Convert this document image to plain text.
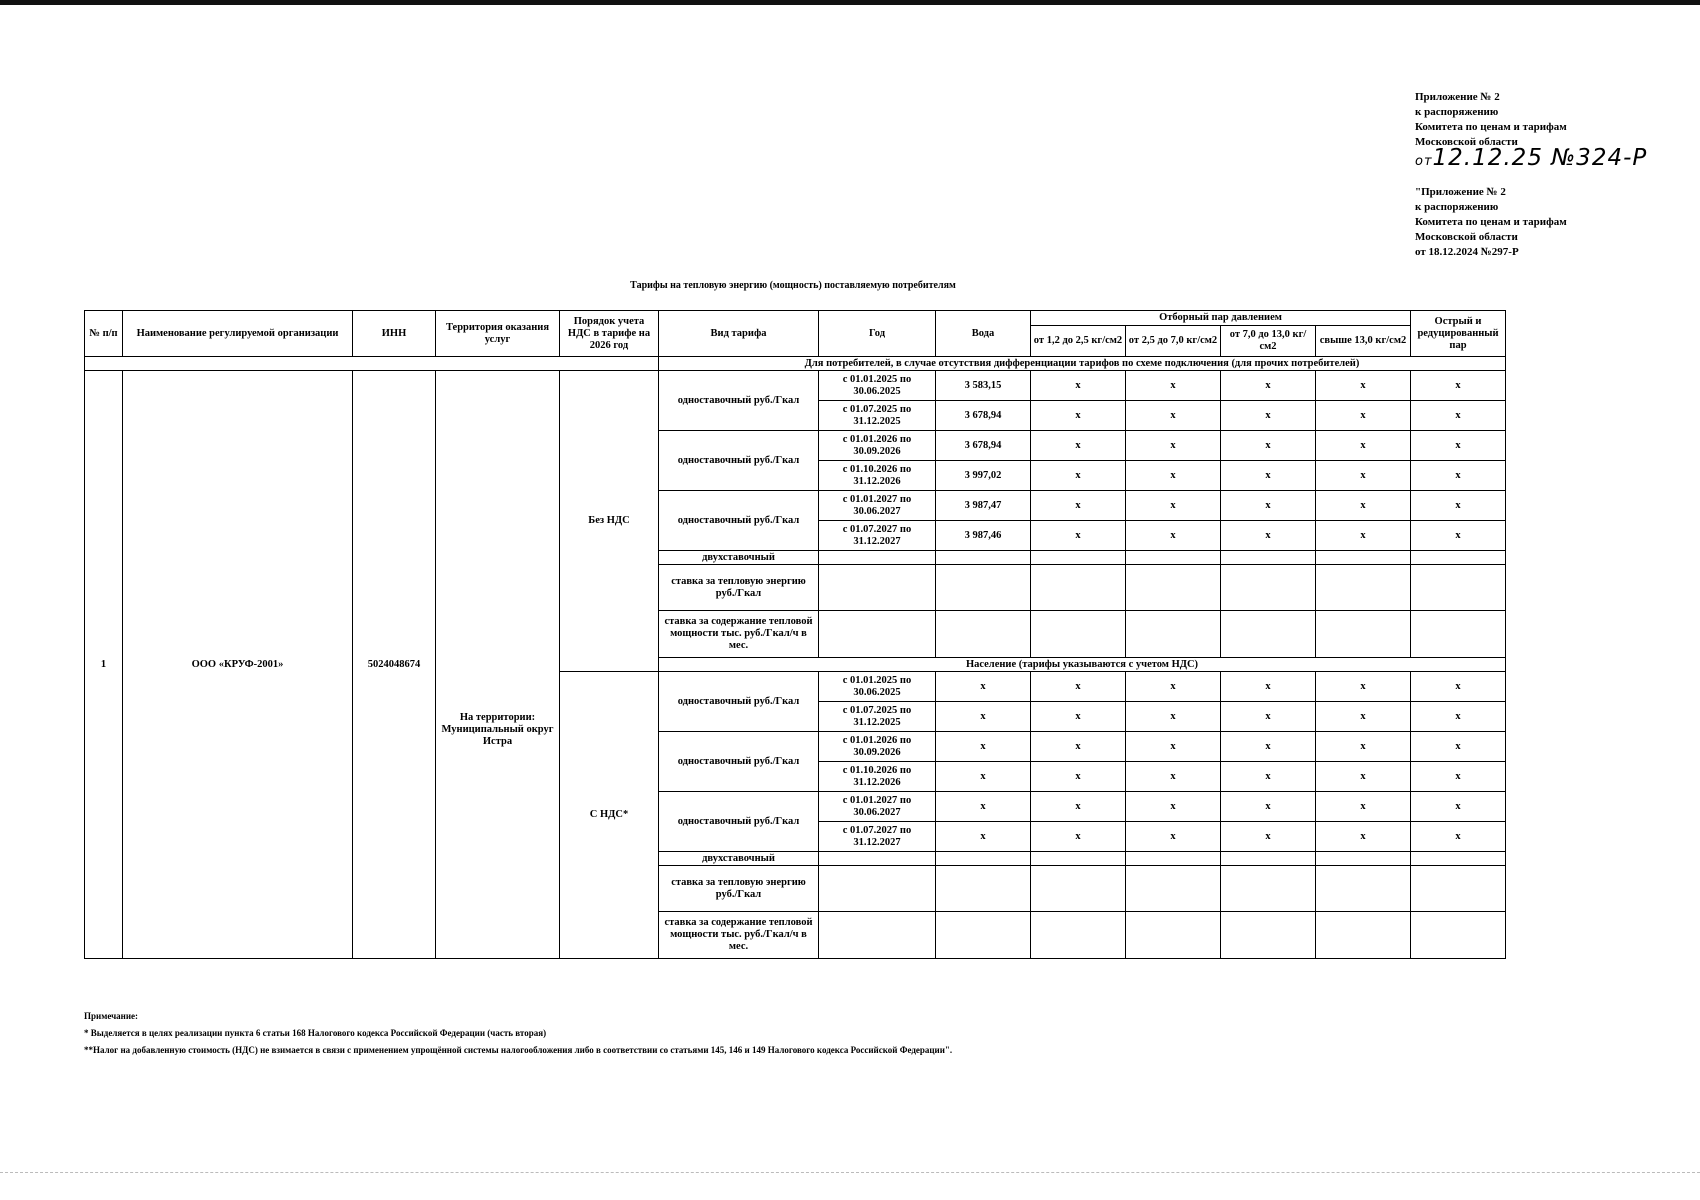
Приложение № 2
к распоряжению
Комитета по ценам и тарифам
Московской области
от12.12.25 №324-Р
"Приложение № 2
к распоряжению
Комитета по ценам и тарифам
Московской области
от 18.12.2024 №297-Р
Тарифы на тепловую энергию (мощность) поставляемую потребителям
№ п/п	Наименование регулируемой организации	ИНН	Территория оказания услуг	Порядок учета НДС в тарифе на 2026 год	Вид тарифа	Год	Вода	Отборный пар давлением				Острый и редуцированный пар
								от 1,2 до 2,5 кг/см2	от 2,5 до 7,0 кг/см2	от 7,0 до 13,0 кг/см2	свыше 13,0 кг/см2	
					Для потребителей, в случае отсутствия дифференциации тарифов по схеме подключения (для прочих потребителей)							
1	ООО «КРУФ-2001»	5024048674	На территории: Муниципальный округ Истра	Без НДС	одноставочный руб./Гкал	с 01.01.2025 по 30.06.2025	3 583,15	x	x	x	x	x
						с 01.07.2025 по 31.12.2025	3 678,94	x	x	x	x	x
					одноставочный руб./Гкал	с 01.01.2026 по 30.09.2026	3 678,94	x	x	x	x	x
						с 01.10.2026 по 31.12.2026	3 997,02	x	x	x	x	x
					одноставочный руб./Гкал	с 01.01.2027 по 30.06.2027	3 987,47	x	x	x	x	x
						с 01.07.2027 по 31.12.2027	3 987,46	x	x	x	x	x
					двухставочный							
					ставка за тепловую энергию руб./Гкал							
					ставка за содержание тепловой мощности тыс. руб./Гкал/ч в мес.							
					Население (тарифы указываются с учетом НДС)							
				С НДС*	одноставочный руб./Гкал	с 01.01.2025 по 30.06.2025	x	x	x	x	x	x
						с 01.07.2025 по 31.12.2025	x	x	x	x	x	x
					одноставочный руб./Гкал	с 01.01.2026 по 30.09.2026	x	x	x	x	x	x
						с 01.10.2026 по 31.12.2026	x	x	x	x	x	x
					одноставочный руб./Гкал	с 01.01.2027 по 30.06.2027	x	x	x	x	x	x
						с 01.07.2027 по 31.12.2027	x	x	x	x	x	x
					двухставочный							
					ставка за тепловую энергию руб./Гкал							
					ставка за содержание тепловой мощности тыс. руб./Гкал/ч в мес.							
Примечание:
* Выделяется в целях реализации пункта 6 статьи 168 Налогового кодекса Российской Федерации (часть вторая)
**Налог на добавленную стоимость (НДС) не взимается в связи с применением упрощённой системы налогообложения либо в соответствии со статьями 145, 146 и 149 Налогового кодекса Российской Федерации".
